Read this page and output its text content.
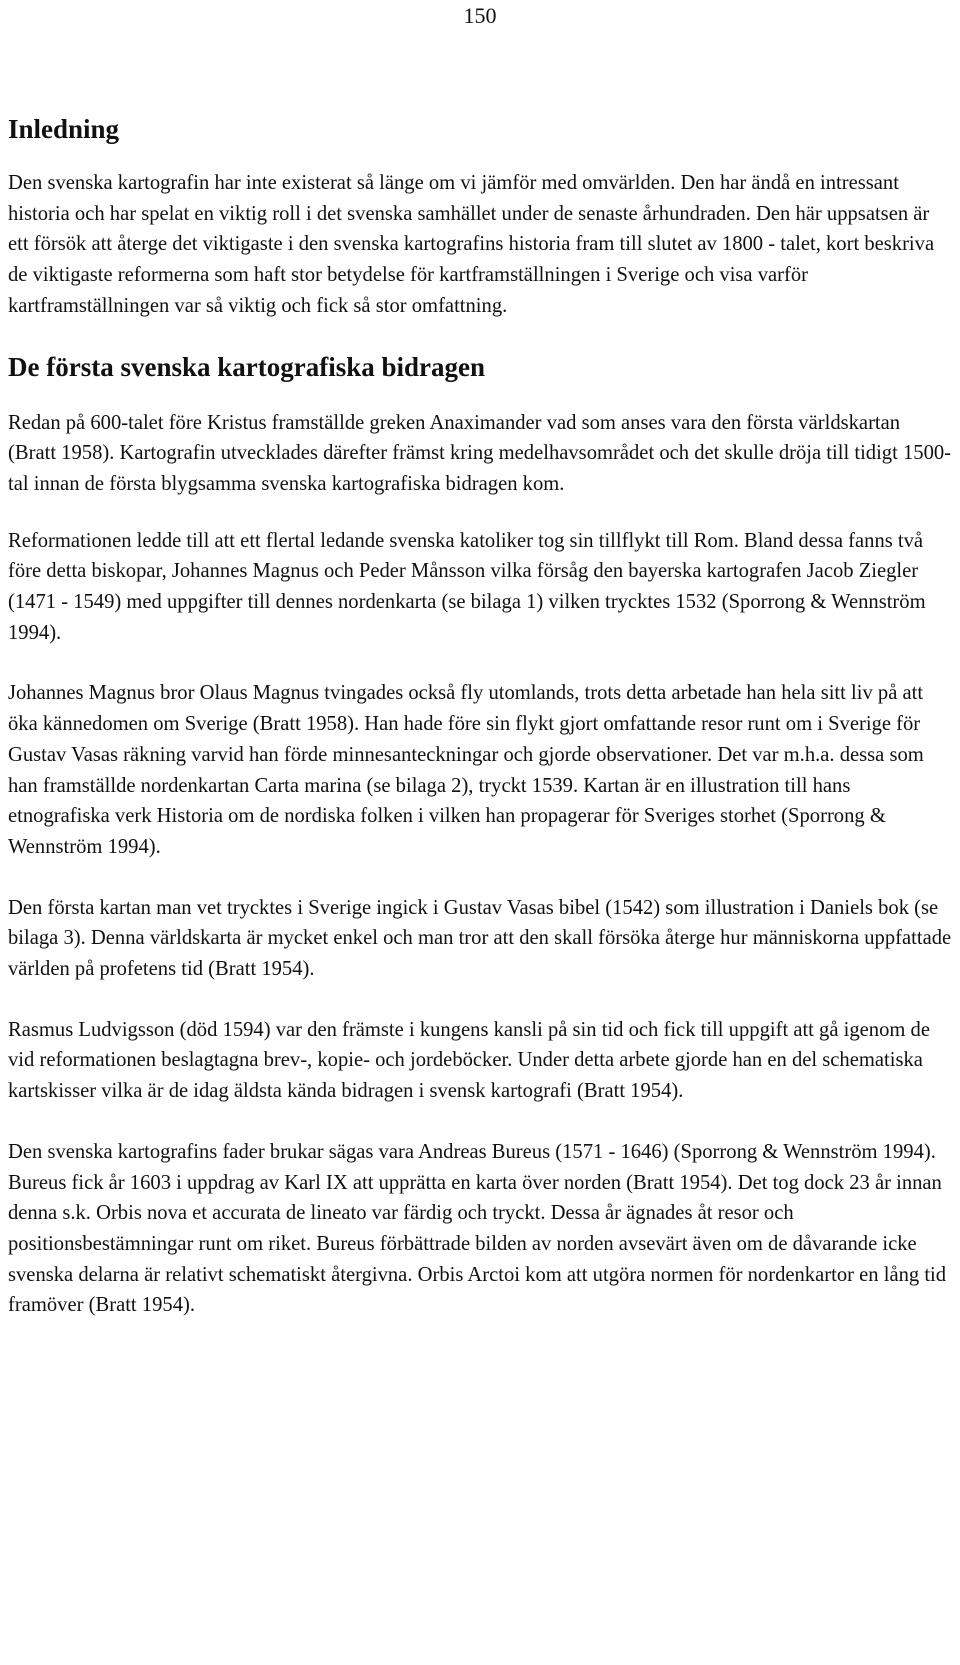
150
Inledning

Den svenska kartografin har inte existerat så länge om vi jämför med omvärlden. Den har ändå en intressant historia och har spelat en viktig roll i det svenska samhället under de senaste århundraden. Den här uppsatsen är ett försök att återge det viktigaste i den svenska kartografins historia fram till slutet av 1800 - talet, kort beskriva de viktigaste reformerna som haft stor betydelse för kartframställningen i Sverige och visa varför kartframställningen var så viktig och fick så stor omfattning.

De första svenska kartografiska bidragen

Redan på 600-talet före Kristus framställde greken Anaximander vad som anses vara den första världskartan (Bratt 1958). Kartografin utvecklades därefter främst kring medelhavsområdet och det skulle dröja till tidigt 1500-tal innan de första blygsamma svenska kartografiska bidragen kom.

Reformationen ledde till att ett flertal ledande svenska katoliker tog sin tillflykt till Rom. Bland dessa fanns två före detta biskopar, Johannes Magnus och Peder Månsson vilka försåg den bayerska kartografen Jacob Ziegler (1471 - 1549) med uppgifter till dennes nordenkarta (se bilaga 1) vilken trycktes 1532 (Sporrong & Wennström 1994).

Johannes Magnus bror Olaus Magnus tvingades också fly utomlands, trots detta arbetade han hela sitt liv på att öka kännedomen om Sverige (Bratt 1958). Han hade före sin flykt gjort omfattande resor runt om i Sverige för Gustav Vasas räkning varvid han förde minnesanteckningar och gjorde observationer. Det var m.h.a. dessa som han framställde nordenkartan Carta marina (se bilaga 2), tryckt 1539. Kartan är en illustration till hans etnografiska verk Historia om de nordiska folken i vilken han propagerar för Sveriges storhet (Sporrong & Wennström 1994).

Den första kartan man vet trycktes i Sverige ingick i Gustav Vasas bibel (1542) som illustration i Daniels bok (se bilaga 3). Denna världskarta är mycket enkel och man tror att den skall försöka återge hur människorna uppfattade världen på profetens tid (Bratt 1954).

Rasmus Ludvigsson (död 1594) var den främste i kungens kansli på sin tid och fick till uppgift att gå igenom de vid reformationen beslagtagna brev-, kopie- och jordeböcker. Under detta arbete gjorde han en del schematiska kartskisser vilka är de idag äldsta kända bidragen i svensk kartografi (Bratt 1954).

Den svenska kartografins fader brukar sägas vara Andreas Bureus (1571 - 1646) (Sporrong & Wennström 1994). Bureus fick år 1603 i uppdrag av Karl IX att upprätta en karta över norden (Bratt 1954). Det tog dock 23 år innan denna s.k. Orbis nova et accurata de lineato var färdig och tryckt. Dessa år ägnades åt resor och positionsbestämningar runt om riket. Bureus förbättrade bilden av norden avsevärt även om de dåvarande icke svenska delarna är relativt schematiskt återgivna. Orbis Arctoi kom att utgöra normen för nordenkartor en lång tid framöver (Bratt 1954).
